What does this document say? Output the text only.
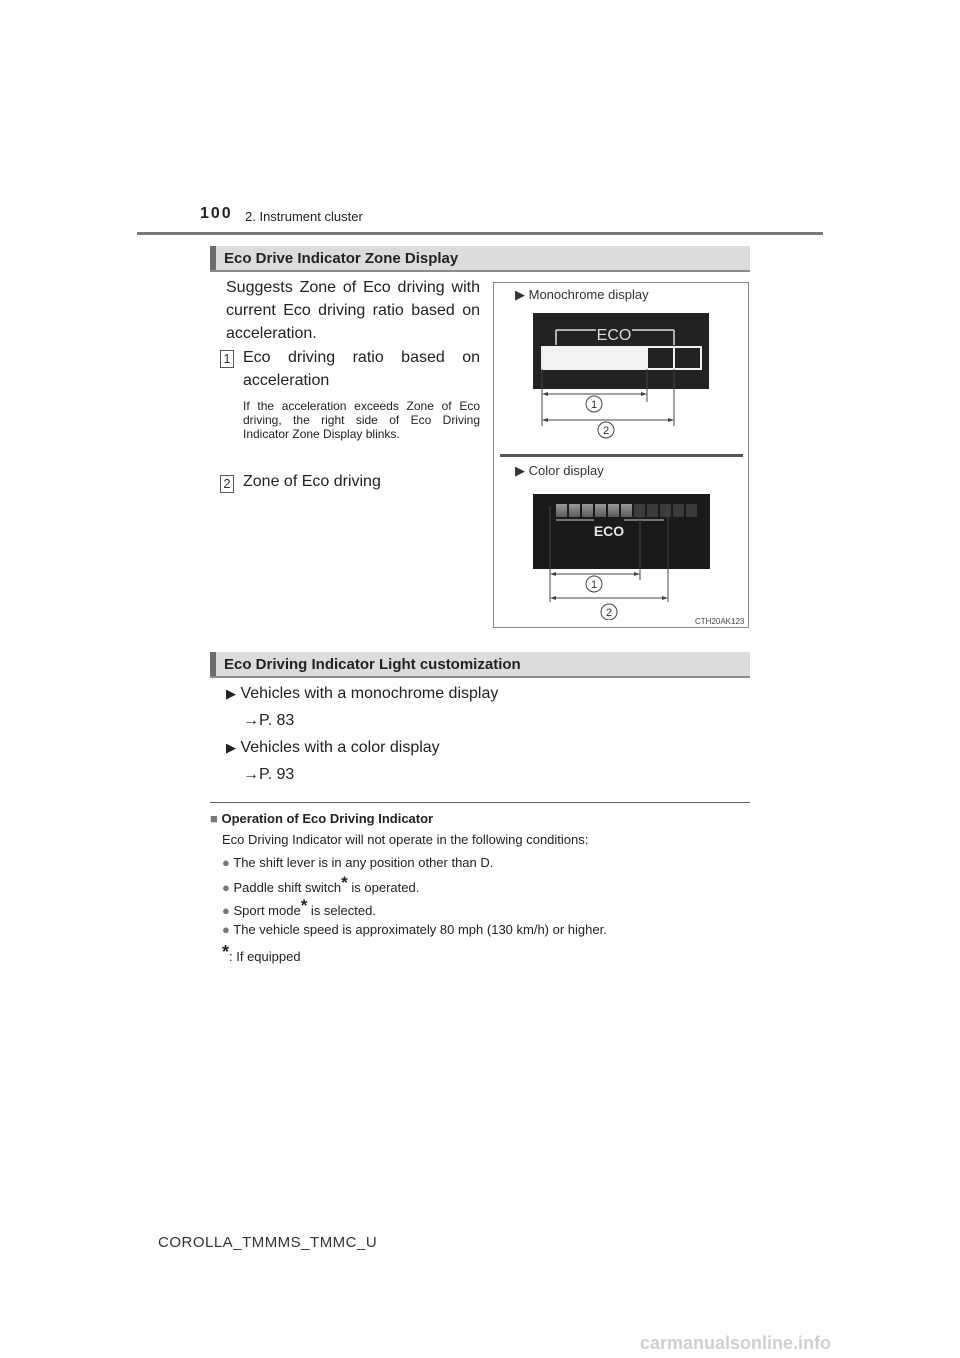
100 2. Instrument cluster
Eco Drive Indicator Zone Display
Suggests Zone of Eco driving with current Eco driving ratio based on acceleration.
1 Eco driving ratio based on acceleration
If the acceleration exceeds Zone of Eco driving, the right side of Eco Driving Indicator Zone Display blinks.
2 Zone of Eco driving
▶ Monochrome display
ECO
1
2
▶ Color display
ECO
1
2
CTH20AK123
Eco Driving Indicator Light customization
▶ Vehicles with a monochrome display
→P. 83
▶ Vehicles with a color display
→P. 93
■ Operation of Eco Driving Indicator
Eco Driving Indicator will not operate in the following conditions:
● The shift lever is in any position other than D.
● Paddle shift switch* is operated.
● Sport mode* is selected.
● The vehicle speed is approximately 80 mph (130 km/h) or higher.
*: If equipped
COROLLA_TMMMS_TMMC_U
carmanualsonline.info
